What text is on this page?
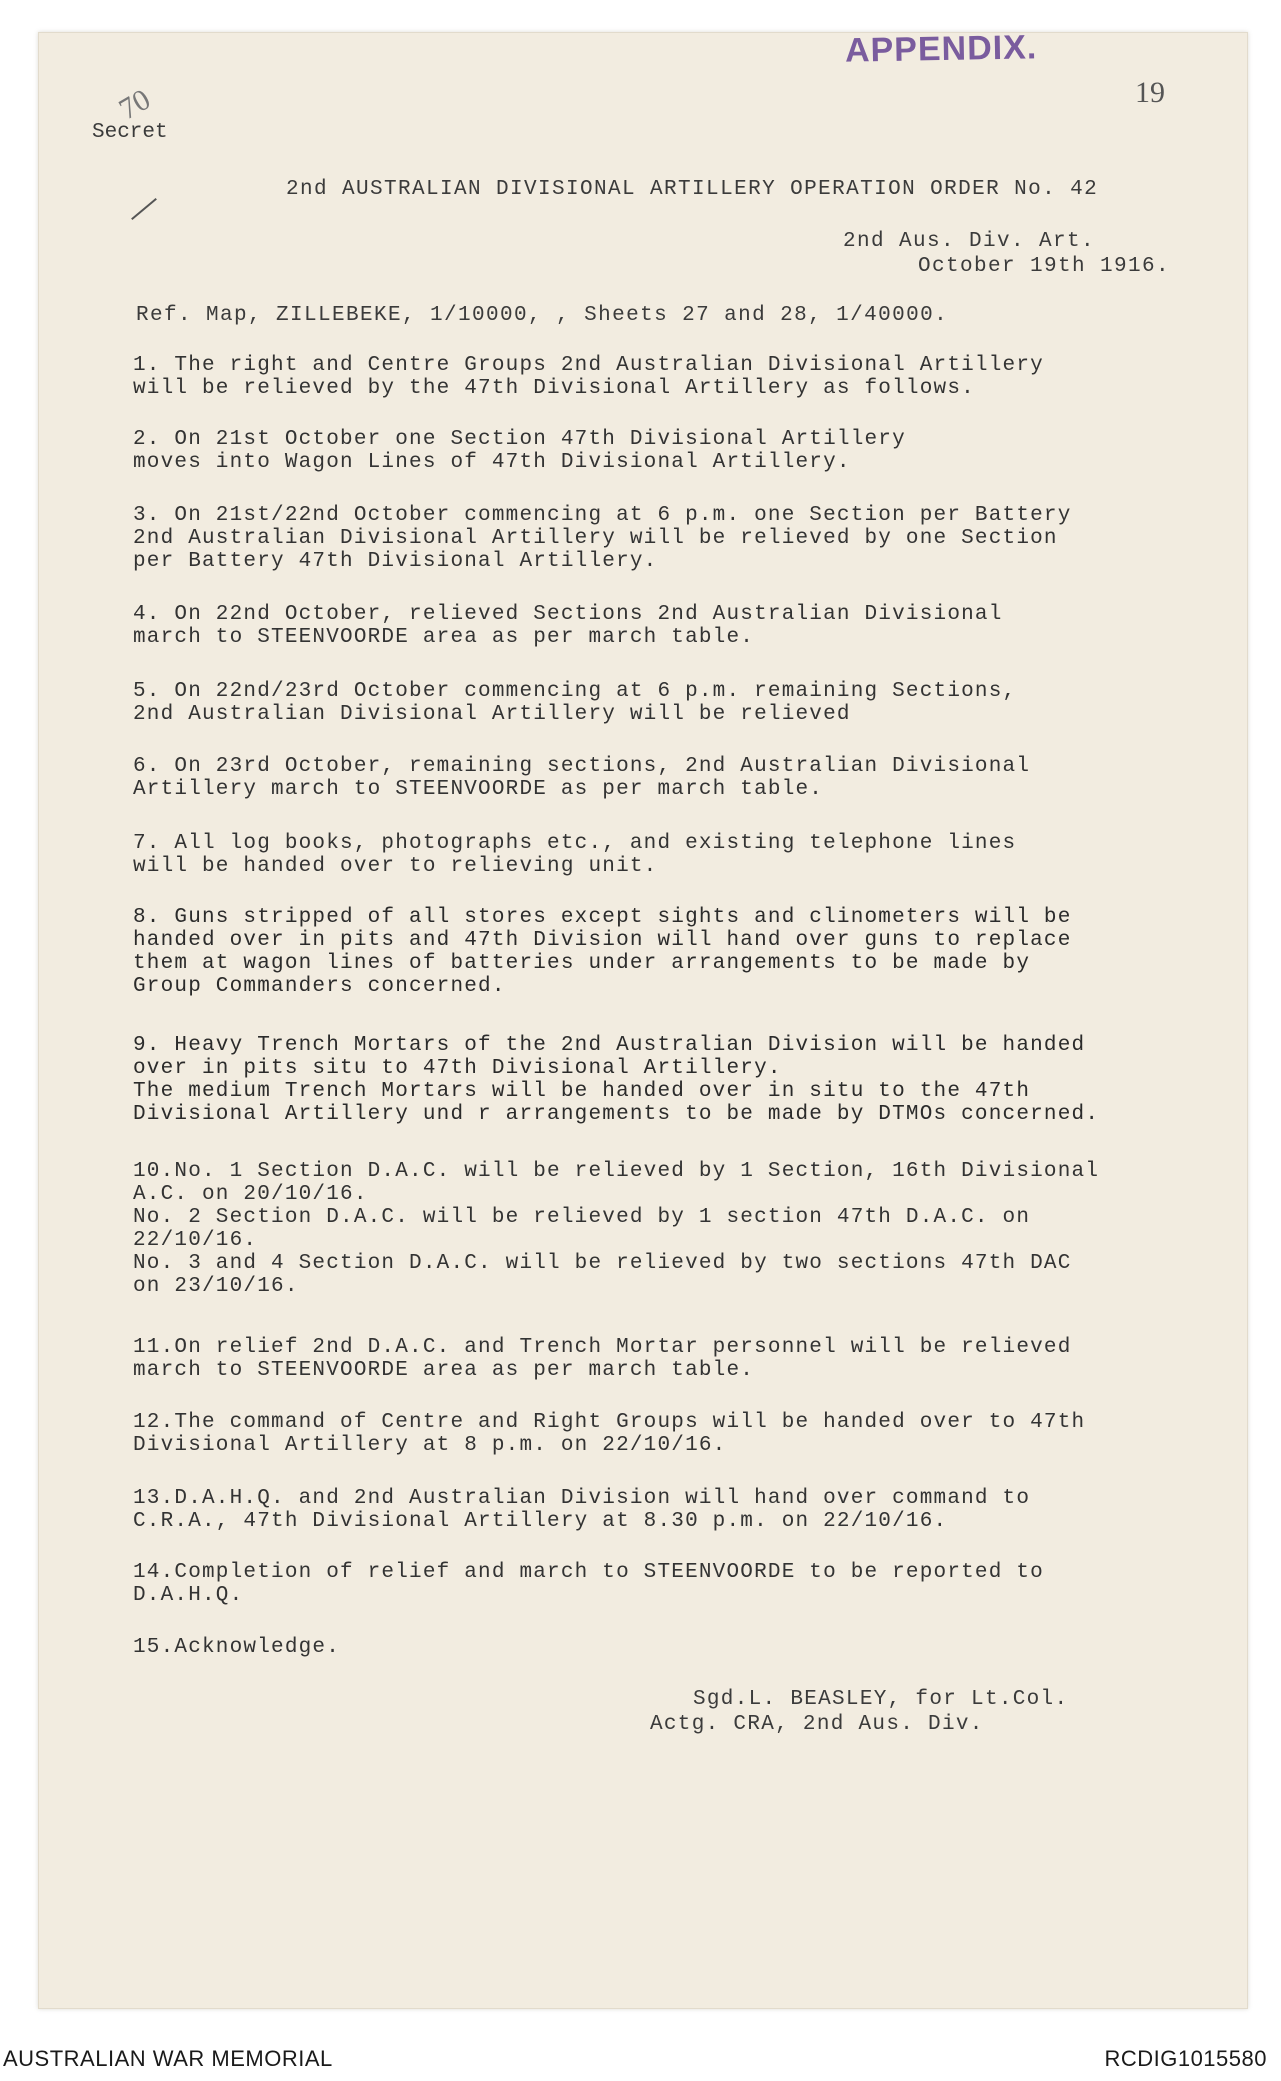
APPENDIX.
19
70
Secret
2nd AUSTRALIAN DIVISIONAL ARTILLERY OPERATION ORDER No. 42
2nd Aus. Div. Art.
October 19th 1916.
Ref. Map, ZILLEBEKE, 1/10000, , Sheets 27 and 28, 1/40000.
1. The right and Centre Groups 2nd Australian Divisional Artillery
will be relieved by the 47th Divisional Artillery as follows.
2. On 21st October one Section 47th Divisional Artillery
moves into Wagon Lines of 47th Divisional Artillery.
3. On 21st/22nd October commencing at 6 p.m. one Section per Battery
2nd Australian Divisional Artillery will be relieved by one Section
per Battery 47th Divisional Artillery.
4. On 22nd October, relieved Sections 2nd Australian Divisional
march to STEENVOORDE area as per march table.
5. On 22nd/23rd October commencing at 6 p.m. remaining Sections,
2nd Australian Divisional Artillery will be relieved
6. On 23rd October, remaining sections, 2nd Australian Divisional
Artillery march to STEENVOORDE as per march table.
7. All log books, photographs etc., and existing telephone lines
will be handed over to relieving unit.
8. Guns stripped of all stores except sights and clinometers will be
handed over in pits and 47th Division will hand over guns to replace
them at wagon lines of batteries under arrangements to be made by
Group Commanders concerned.
9. Heavy Trench Mortars of the 2nd Australian Division will be handed
over in pits situ to 47th Divisional Artillery.
The medium Trench Mortars will be handed over in situ to the 47th
Divisional Artillery und r arrangements to be made by DTMOs concerned.
10.No. 1 Section D.A.C. will be relieved by 1 Section, 16th Divisional
A.C. on 20/10/16.
No. 2 Section D.A.C. will be relieved by 1 section 47th D.A.C. on
22/10/16.
No. 3 and 4 Section D.A.C. will be relieved by two sections 47th DAC
on 23/10/16.
11.On relief 2nd D.A.C. and Trench Mortar personnel will be relieved
march to STEENVOORDE area as per march table.
12.The command of Centre and Right Groups will be handed over to 47th
Divisional Artillery at 8 p.m. on 22/10/16.
13.D.A.H.Q. and 2nd Australian Division will hand over command to
C.R.A., 47th Divisional Artillery at 8.30 p.m. on 22/10/16.
14.Completion of relief and march to STEENVOORDE to be reported to
D.A.H.Q.
15.Acknowledge.
Sgd.L. BEASLEY, for Lt.Col.
Actg. CRA, 2nd Aus. Div.
AUSTRALIAN WAR MEMORIAL	RCDIG1015580
